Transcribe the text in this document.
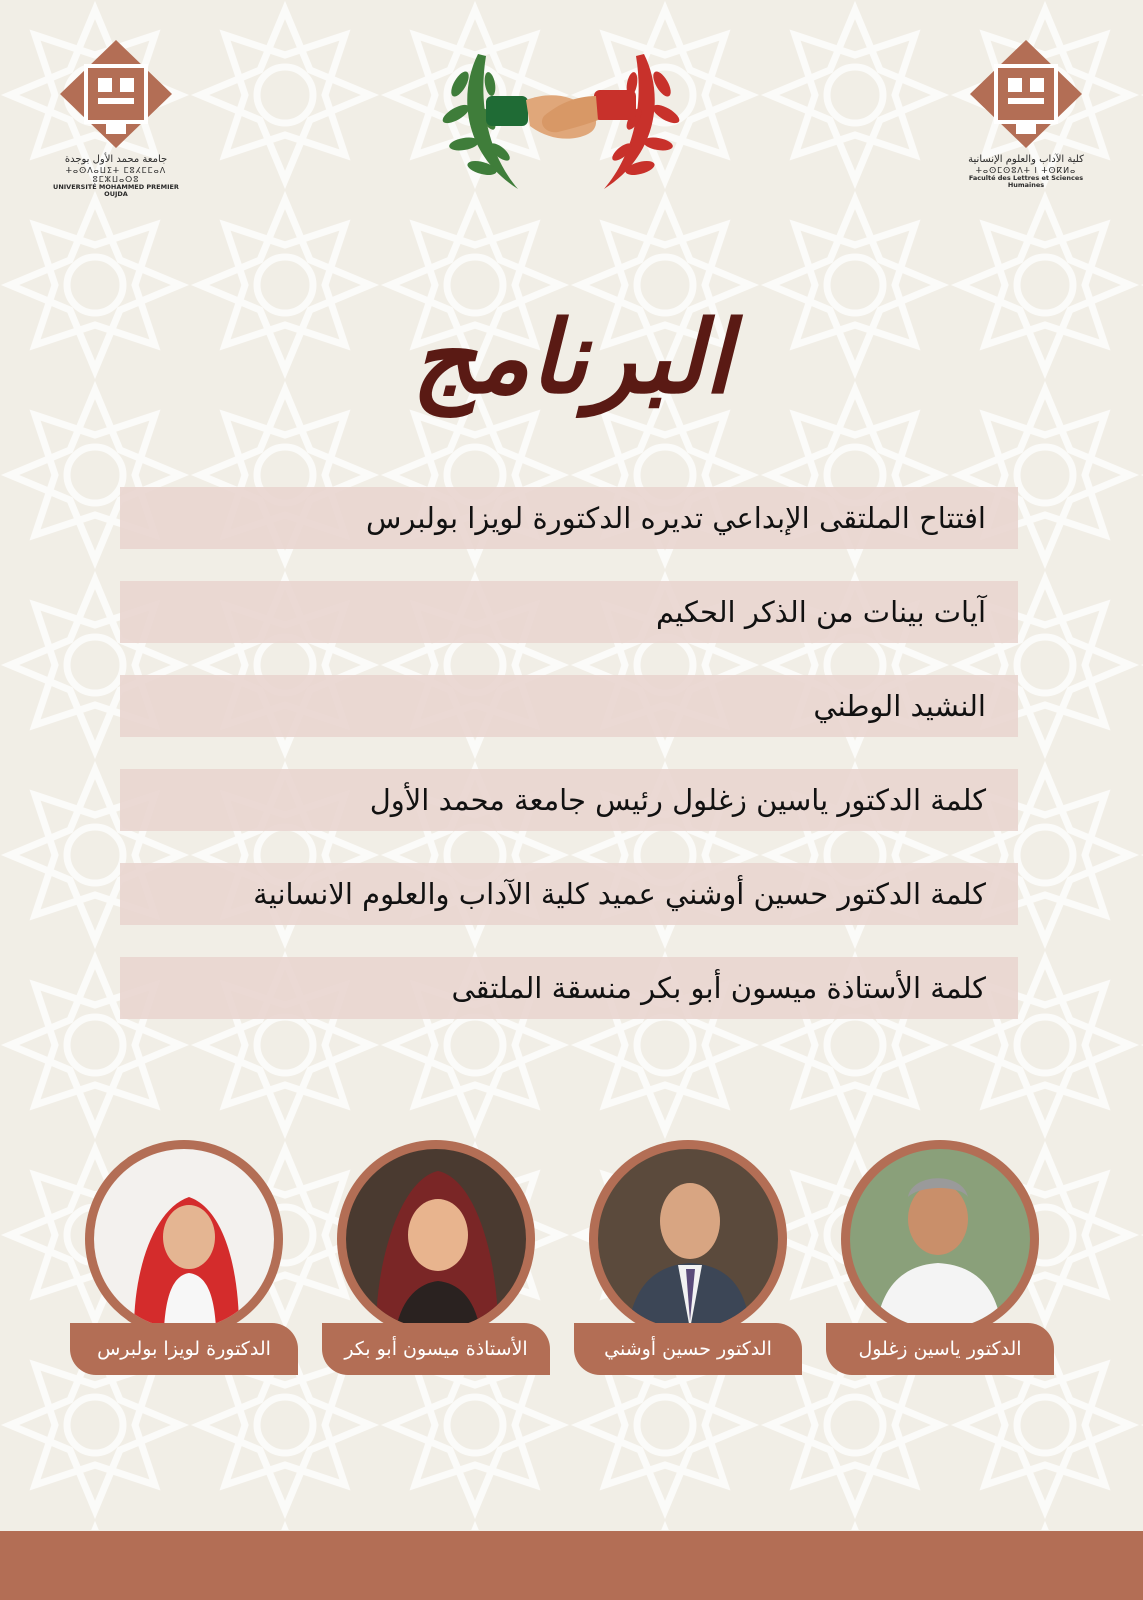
جامعة محمد الأول بوجدة
ⵜⴰⵙⴷⴰⵡⵉⵜ ⵎⵓⵃⵎⵎⴰⴷ ⵓⵎⵣⵡⴰⵔⵓ
UNIVERSITÉ MOHAMMED PREMIER OUJDA
كلية الآداب والعلوم الإنسانية
ⵜⴰⵙⵎⵙⵓⴷⵜ ⵏ ⵜⵙⴽⵍⴰ
Faculté des Lettres et Sciences Humaines
البرنامج
افتتاح الملتقى الإبداعي تديره الدكتورة لويزا بولبرس
آيات بينات من الذكر الحكيم
النشيد الوطني
كلمة الدكتور ياسين زغلول رئيس جامعة محمد الأول
كلمة الدكتور حسين أوشني عميد كلية الآداب والعلوم الانسانية
كلمة الأستاذة ميسون أبو بكر منسقة الملتقى
الدكتورة لويزا بولبرس	الأستاذة ميسون أبو بكر	الدكتور حسين أوشني	الدكتور ياسين زغلول
